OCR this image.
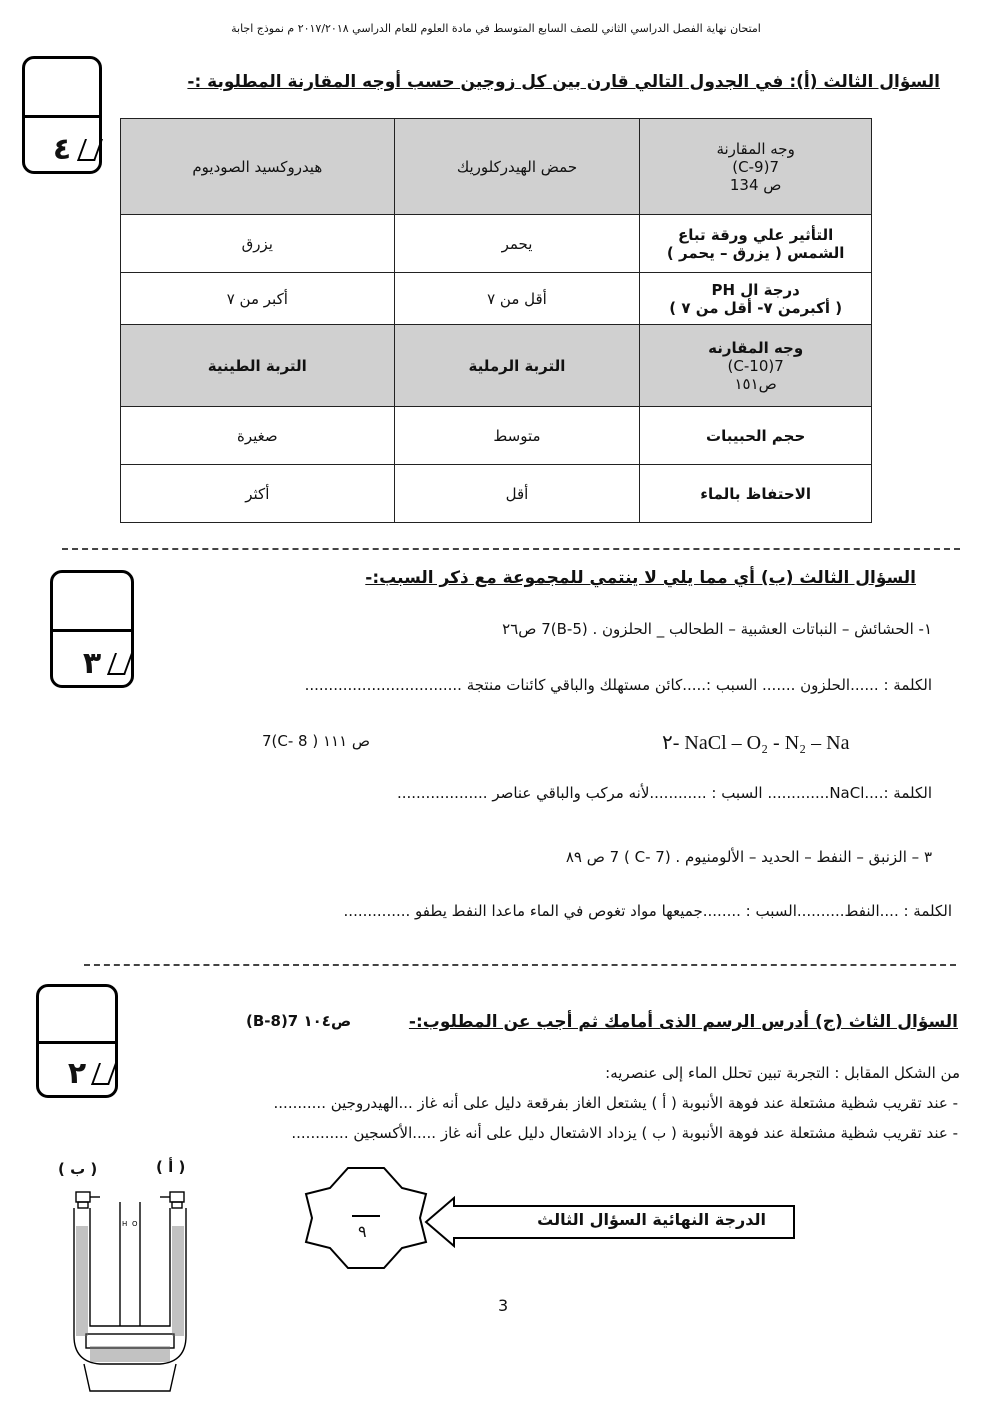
امتحان نهاية الفصل الدراسي الثاني للصف السابع المتوسط في مادة العلوم للعام الدراسي ٢٠١٧/٢٠١٨ م نموذج اجابة
٤
السؤال الثالث (أ): في الجدول التالي قارن بين كل زوجين حسب أوجه المقارنة المطلوبة :-
وجه المقارنة
7(C-9)
ص 134	حمض الهيدركلوريك	هيدروكسيد الصوديوم

التأثير علي ورقة تباع
الشمس ( يزرق – يحمر )	يحمر	يزرق

درجة ال PH
( أكبرمن ٧- أقل من ٧ )	أقل من ٧	أكبر من ٧

وجه المقارنه
7(C-10)
ص١٥١	التربة الرملية	التربة الطينية
حجم الحبيبات	متوسط	صغيرة
الاحتفاظ بالماء	أقل	أكثر
٣
السؤال الثالث (ب) أي مما يلي لا ينتمي للمجموعة مع ذكر السبب:-
١- الحشائش – النباتات العشبية – الطحالب _ الحلزون . (B-5)7 ص٢٦
الكلمة : ......الحلزون ....... السبب :.....كائن مستهلك والباقي كائنات منتجة .................................
7(C- 8 ) ص ١١١	٢- NaCl – O₂ - N₂ – Na
الكلمة :....NaCl............. السبب : ............لأنه مركب والباقي عناصر ...................
٣ – الزنبق – النفط – الحديد – الألومنيوم . (C- 7 ) 7 ص ٨٩
الكلمة : ....النفط..........السبب : ........جميعها مواد تغوص في الماء ماعدا النفط يطفو ..............
٢
السؤال الثاث (ج) أدرس الرسم الذى أمامك ثم أجب عن المطلوب:-
(B-8)7 ص١٠٤
من الشكل المقابل : التجربة تبين تحلل الماء إلى عنصريه:
- عند تقريب شظية مشتعلة عند فوهة الأنبوبة ( أ ) يشتعل الغاز بفرقعة دليل على أنه غاز ...الهيدروجين ...........
- عند تقريب شظية مشتعلة عند فوهة الأنبوبة ( ب ) يزداد الاشتعال دليل على أنه غاز .....الأكسجين ............
( ب )	( أ )
H O	٩
الدرجة النهائية السؤال الثالث
3
